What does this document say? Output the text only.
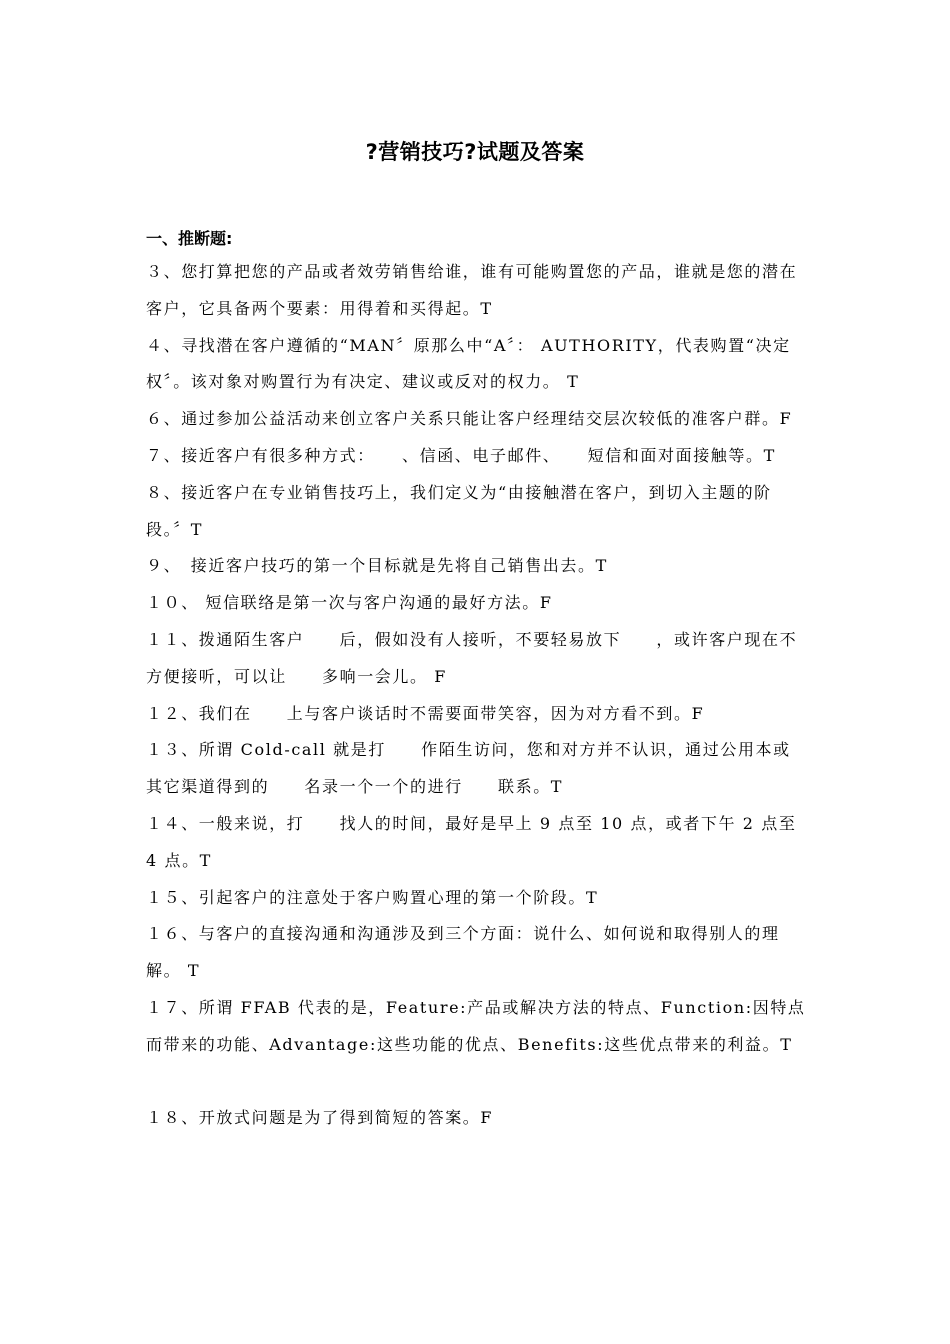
?营销技巧?试题及答案
一、推断题:

３、您打算把您的产品或者效劳销售给谁，谁有可能购置您的产品，谁就是您的潜在客户，它具备两个要素：用得着和买得起。T

４、寻找潜在客户遵循的“MAN〞原那么中“A〞： AUTHORITY，代表购置“决定权〞。该对象对购置行为有决定、建议或反对的权力。 T

６、通过参加公益活动来创立客户关系只能让客户经理结交层次较低的准客户群。F

７、接近客户有很多种方式：　　、信函、电子邮件、　　短信和面对面接触等。T

８、接近客户在专业销售技巧上，我们定义为“由接触潜在客户，到切入主题的阶段。〞T

９、　接近客户技巧的第一个目标就是先将自己销售出去。T

１０、 短信联络是第一次与客户沟通的最好方法。F

１１、拨通陌生客户　　后，假如没有人接听，不要轻易放下　　，或许客户现在不方便接听，可以让　　多响一会儿。 F

１２、我们在　　上与客户谈话时不需要面带笑容，因为对方看不到。F

１３、所谓 Cold-call 就是打　　作陌生访问，您和对方并不认识，通过公用本或其它渠道得到的　　名录一个一个的进行　　联系。T

１４、一般来说，打　　找人的时间，最好是早上 9 点至 10 点，或者下午 2 点至 4 点。T

１５、引起客户的注意处于客户购置心理的第一个阶段。T

１６、与客户的直接沟通和沟通涉及到三个方面：说什么、如何说和取得别人的理解。 T

１７、所谓 FFAB 代表的是，Feature:产品或解决方法的特点、Function:因特点而带来的功能、Advantage:这些功能的优点、Benefits:这些优点带来的利益。T

１８、开放式问题是为了得到简短的答案。F
